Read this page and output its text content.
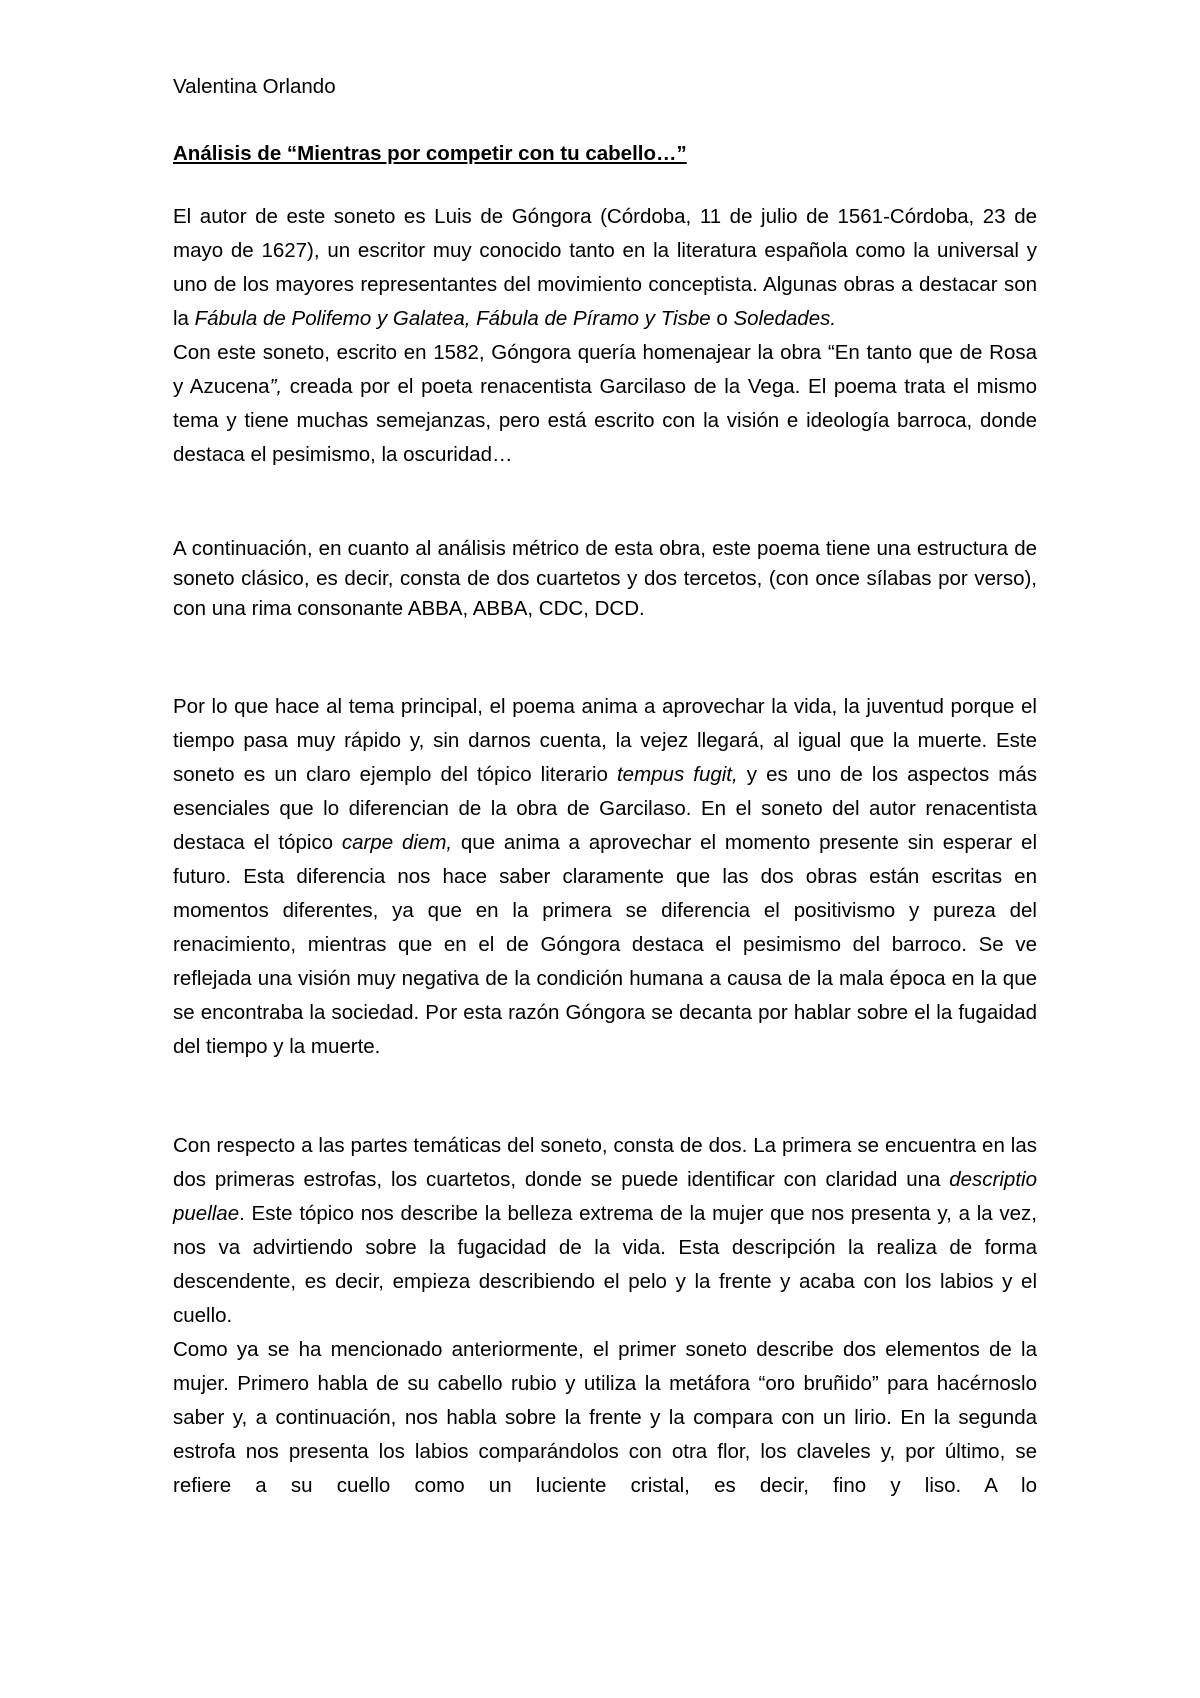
Valentina Orlando

Análisis de “Mientras por competir con tu cabello…”

El autor de este soneto es Luis de Góngora (Córdoba, 11 de julio de 1561-Córdoba, 23 de mayo de 1627), un escritor muy conocido tanto en la literatura española como la universal y uno de los mayores representantes del movimiento conceptista. Algunas obras a destacar son la Fábula de Polifemo y Galatea, Fábula de Píramo y Tisbe o Soledades.

Con este soneto, escrito en 1582, Góngora quería homenajear la obra “En tanto que de Rosa y Azucena”, creada por el poeta renacentista Garcilaso de la Vega. El poema trata el mismo tema y tiene muchas semejanzas, pero está escrito con la visión e ideología barroca, donde destaca el pesimismo, la oscuridad…

A continuación, en cuanto al análisis métrico de esta obra, este poema tiene una estructura de soneto clásico, es decir, consta de dos cuartetos y dos tercetos, (con once sílabas por verso), con una rima consonante ABBA, ABBA, CDC, DCD.

Por lo que hace al tema principal, el poema anima a aprovechar la vida, la juventud porque el tiempo pasa muy rápido y, sin darnos cuenta, la vejez llegará, al igual que la muerte. Este soneto es un claro ejemplo del tópico literario tempus fugit, y es uno de los aspectos más esenciales que lo diferencian de la obra de Garcilaso. En el soneto del autor renacentista destaca el tópico carpe diem, que anima a aprovechar el momento presente sin esperar el futuro. Esta diferencia nos hace saber claramente que las dos obras están escritas en momentos diferentes, ya que en la primera se diferencia el positivismo y pureza del renacimiento, mientras que en el de Góngora destaca el pesimismo del barroco. Se ve reflejada una visión muy negativa de la condición humana a causa de la mala época en la que se encontraba la sociedad. Por esta razón Góngora se decanta por hablar sobre el la fugaidad del tiempo y la muerte.

Con respecto a las partes temáticas del soneto, consta de dos. La primera se encuentra en las dos primeras estrofas, los cuartetos, donde se puede identificar con claridad una descriptio puellae. Este tópico nos describe la belleza extrema de la mujer que nos presenta y, a la vez, nos va advirtiendo sobre la fugacidad de la vida. Esta descripción la realiza de forma descendente, es decir, empieza describiendo el pelo y la frente y acaba con los labios y el cuello.

Como ya se ha mencionado anteriormente, el primer soneto describe dos elementos de la mujer. Primero habla de su cabello rubio y utiliza la metáfora “oro bruñido” para hacérnoslo saber y, a continuación, nos habla sobre la frente y la compara con un lirio. En la segunda estrofa nos presenta los labios comparándolos con otra flor, los claveles y, por último, se refiere a su cuello como un luciente cristal, es decir, fino y liso. A lo
